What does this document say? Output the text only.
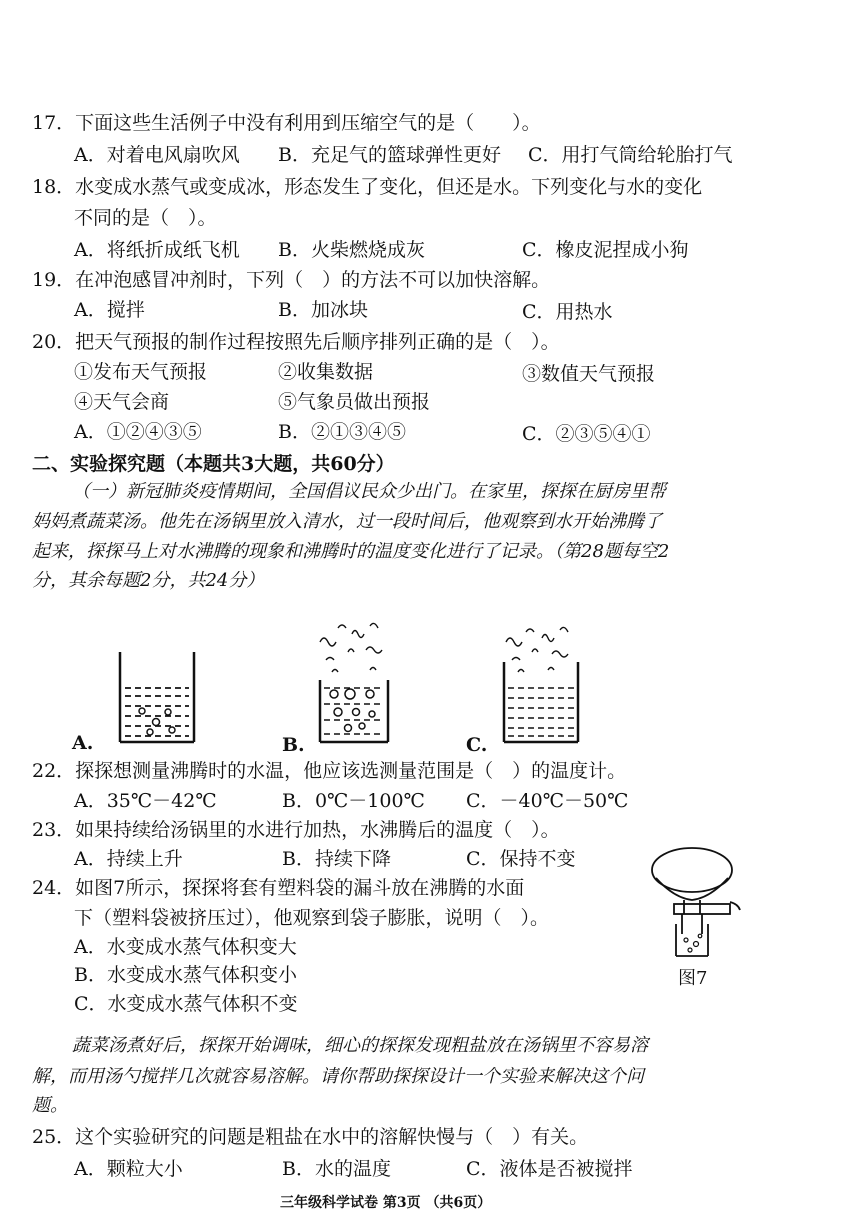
17．下面这些生活例子中没有利用到压缩空气的是（　　）。
A．对着电风扇吹风 B．充足气的篮球弹性更好 C．用打气筒给轮胎打气
18．水变成水蒸气或变成冰，形态发生了变化，但还是水。下列变化与水的变化
不同的是（　）。
A．将纸折成纸飞机 B．火柴燃烧成灰	C．橡皮泥捏成小狗
19．在冲泡感冒冲剂时，下列（　）的方法不可以加快溶解。
A．搅拌	B．加冰块	C．用热水
20．把天气预报的制作过程按照先后顺序排列正确的是（　）。
①发布天气预报	②收集数据	③数值天气预报
④天气会商	⑤气象员做出预报
A．①②④③⑤	B．②①③④⑤	C．②③⑤④①
二、实验探究题（本题共3大题，共60分）
（一）新冠肺炎疫情期间，全国倡议民众少出门。在家里，探探在厨房里帮
妈妈煮蔬菜汤。他先在汤锅里放入清水，过一段时间后，他观察到水开始沸腾了
起来，探探马上对水沸腾的现象和沸腾时的温度变化进行了记录。（第28题每空2
分，其余每题2分，共24分）
A.	B.	C.
22．探探想测量沸腾时的水温，他应该选测量范围是（　）的温度计。
A．35℃－42℃	B．0℃－100℃ C．－40℃－50℃
23．如果持续给汤锅里的水进行加热，水沸腾后的温度（　）。
A．持续上升	B．持续下降	C．保持不变
24．如图7所示，探探将套有塑料袋的漏斗放在沸腾的水面
下（塑料袋被挤压过），他观察到袋子膨胀，说明（　）。
A．水变成水蒸气体积变大
B．水变成水蒸气体积变小
C．水变成水蒸气体积不变
图7
蔬菜汤煮好后，探探开始调味，细心的探探发现粗盐放在汤锅里不容易溶
解，而用汤勺搅拌几次就容易溶解。请你帮助探探设计一个实验来解决这个问
题。
25．这个实验研究的问题是粗盐在水中的溶解快慢与（　）有关。
A．颗粒大小	B．水的温度	C．液体是否被搅拌
三年级科学试卷 第3页 （共6页）
